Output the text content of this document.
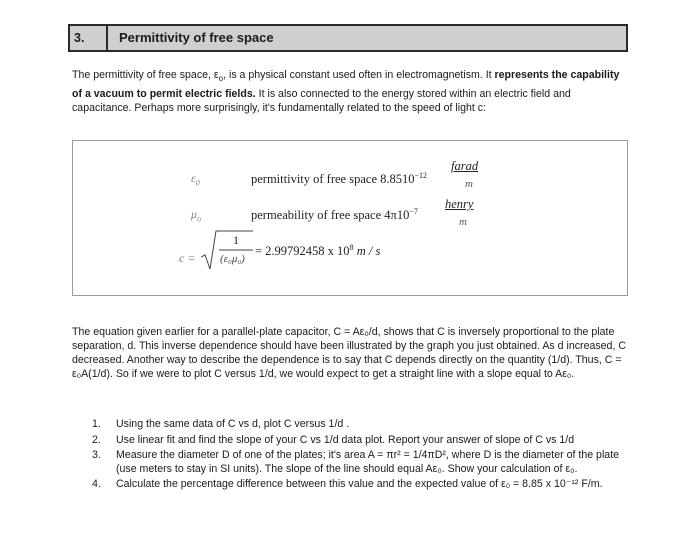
3.	Permittivity of free space

The permittivity of free space, $\varepsilon_o$, is a physical constant used often in electromagnetism. It represents the capability of a vacuum to permit electric fields. It is also connected to the energy stored within an electric field and capacitance. Perhaps more surprisingly, it's fundamentally related to the speed of light c:

$\varepsilon_0$	permittivity of free space $8.8510^{-12}$
farad
m
$\mu_o$	permeability of free space $4\pi 10^{-7}$
henry
m
c =
1
(ε₀μ₀)
= 2.99792458 x $10^8$ m / s

The equation given earlier for a parallel-plate capacitor, C = Aε₀/d, shows that C is inversely proportional to the plate separation, d. This inverse dependence should have been illustrated by the graph you just obtained. As d increased, C decreased. Another way to describe the dependence is to say that C depends directly on the quantity (1/d). Thus, C = ε₀A(1/d). So if we were to plot C versus 1/d, we would expect to get a straight line with a slope equal to Aε₀.

1. Using the same data of C vs d, plot C versus 1/d .
2. Use linear fit and find the slope of your C vs 1/d data plot. Report your answer of slope of C vs 1/d
3. Measure the diameter D of one of the plates; it's area A = πr² = 1/4πD², where D is the diameter of the plate (use meters to stay in SI units). The slope of the line should equal Aε₀. Show your calculation of ε₀.
4. Calculate the percentage difference between this value and the expected value of ε₀ = 8.85 x 10⁻¹² F/m.
